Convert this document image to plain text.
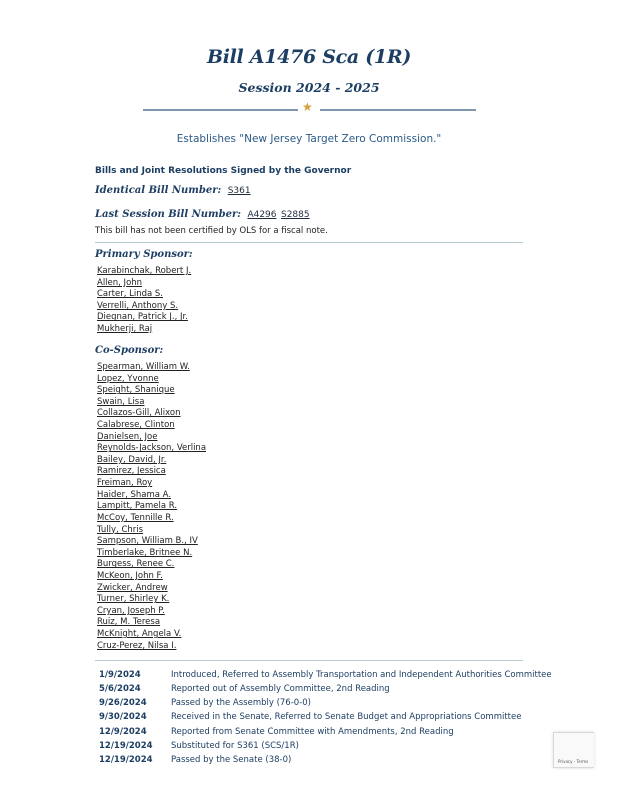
Bill A1476 Sca (1R)
Session 2024 - 2025
★
Establishes "New Jersey Target Zero Commission."
Bills and Joint Resolutions Signed by the Governor
Identical Bill Number: S361
Last Session Bill Number: A4296 S2885
This bill has not been certified by OLS for a fiscal note.
Primary Sponsor:
Karabinchak, Robert J.
Allen, John
Carter, Linda S.
Verrelli, Anthony S.
Diegnan, Patrick J., Jr.
Mukherji, Raj
Co-Sponsor:
Spearman, William W.
Lopez, Yvonne
Speight, Shanique
Swain, Lisa
Collazos-Gill, Alixon
Calabrese, Clinton
Danielsen, Joe
Reynolds-Jackson, Verlina
Bailey, David, Jr.
Ramirez, Jessica
Freiman, Roy
Haider, Shama A.
Lampitt, Pamela R.
McCoy, Tennille R.
Tully, Chris
Sampson, William B., IV
Timberlake, Britnee N.
Burgess, Renee C.
McKeon, John F.
Zwicker, Andrew
Turner, Shirley K.
Cryan, Joseph P.
Ruiz, M. Teresa
McKnight, Angela V.
Cruz-Perez, Nilsa I.
1/9/2024	Introduced, Referred to Assembly Transportation and Independent Authorities Committee
5/6/2024	Reported out of Assembly Committee, 2nd Reading
9/26/2024	Passed by the Assembly (76-0-0)
9/30/2024	Received in the Senate, Referred to Senate Budget and Appropriations Committee
12/9/2024	Reported from Senate Committee with Amendments, 2nd Reading
12/19/2024 Substituted for S361 (SCS/1R)
12/19/2024 Passed by the Senate (38-0)	Privacy - Terms
